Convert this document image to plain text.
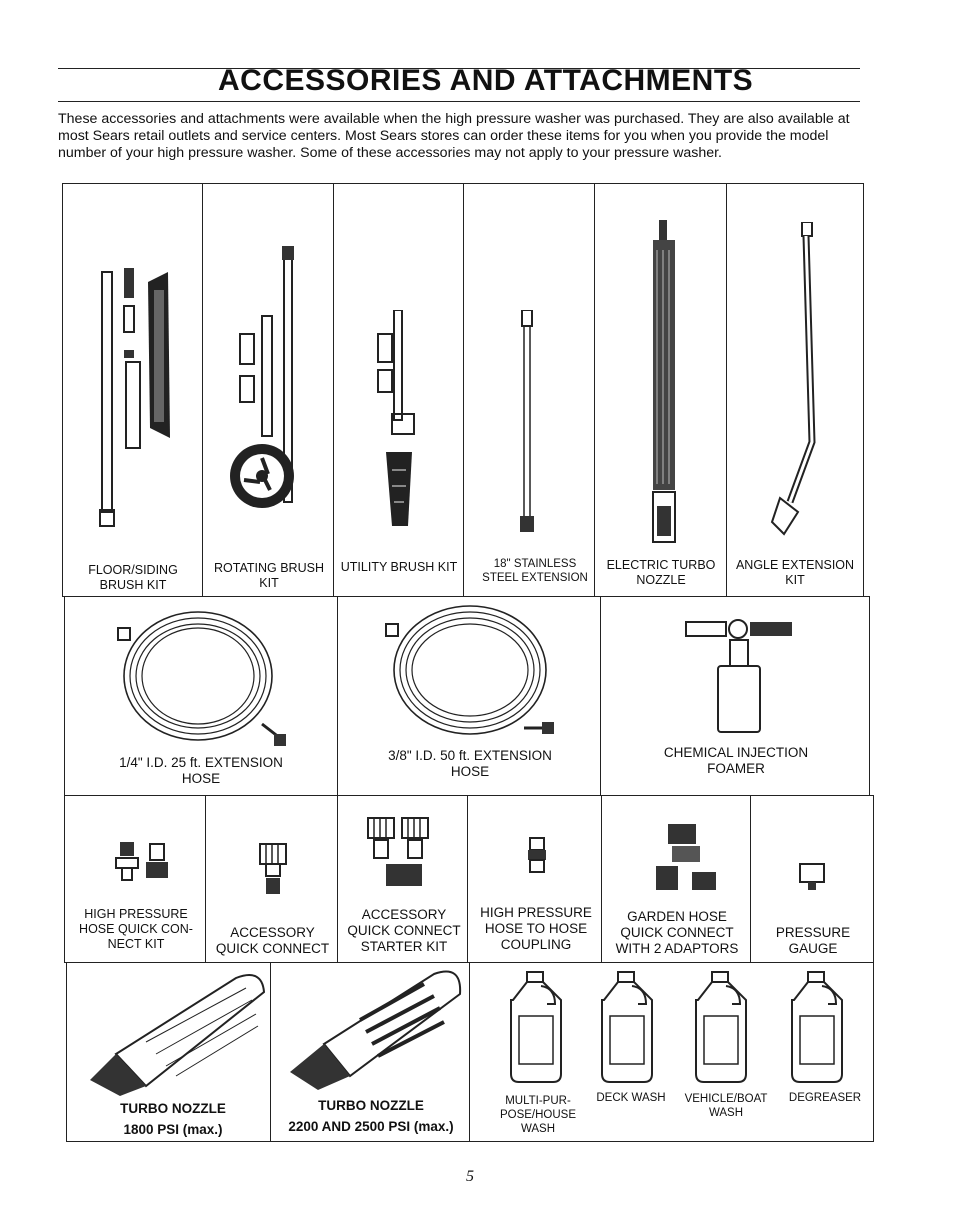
ACCESSORIES AND ATTACHMENTS
These accessories and attachments were available when the high pressure washer was purchased. They are also available at most Sears retail outlets and service centers. Most Sears stores can order these items for you when you provide the model number of your high pressure washer. Some of these accessories may not apply to your pressure washer.
FLOOR/SIDING
BRUSH KIT
ROTATING BRUSH
KIT
UTILITY BRUSH KIT	18" STAINLESS
STEEL EXTENSION
ELECTRIC TURBO
NOZZLE
ANGLE EXTENSION
KIT
1/4" I.D. 25 ft. EXTENSION
HOSE
3/8" I.D. 50 ft. EXTENSION
HOSE
CHEMICAL INJECTION
FOAMER
HIGH PRESSURE
HOSE QUICK CON-
NECT KIT
ACCESSORY
QUICK CONNECT
ACCESSORY
QUICK CONNECT
STARTER KIT
HIGH PRESSURE
HOSE TO HOSE
COUPLING
GARDEN HOSE
QUICK CONNECT
WITH 2 ADAPTORS
PRESSURE
GAUGE
TURBO NOZZLE
1800 PSI (max.)
TURBO NOZZLE
2200 AND 2500 PSI (max.)
MULTI-PUR-
POSE/HOUSE
WASH
DECK WASH	VEHICLE/BOAT
WASH
DEGREASER
5
